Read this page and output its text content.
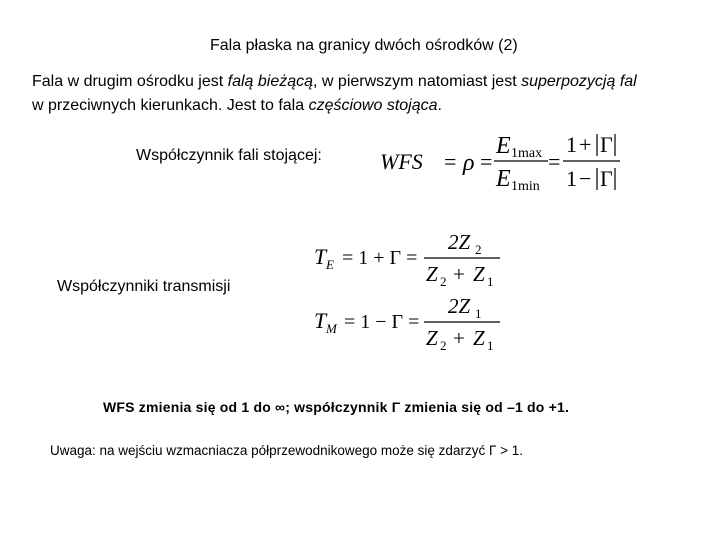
Fala płaska na granicy dwóch ośrodków (2)
Fala w drugim ośrodku jest falą bieżącą, w pierwszym natomiast jest superpozycją fal
w przeciwnych kierunkach. Jest to fala częściowo stojąca.
Współczynnik fali stojącej:	WFS = ρ =
E 1max
E 1min
=
1 + Γ
1 − Γ
Współczynniki transmisji
T E = 1 + Γ =
2Z 2
Z 2 + Z 1
T M = 1 − Γ =
2Z 1
Z 2 + Z 1
WFS zmienia się od 1 do ∞; współczynnik Γ zmienia się od –1 do +1.
Uwaga: na wejściu wzmacniacza półprzewodnikowego może się zdarzyć Γ > 1.
